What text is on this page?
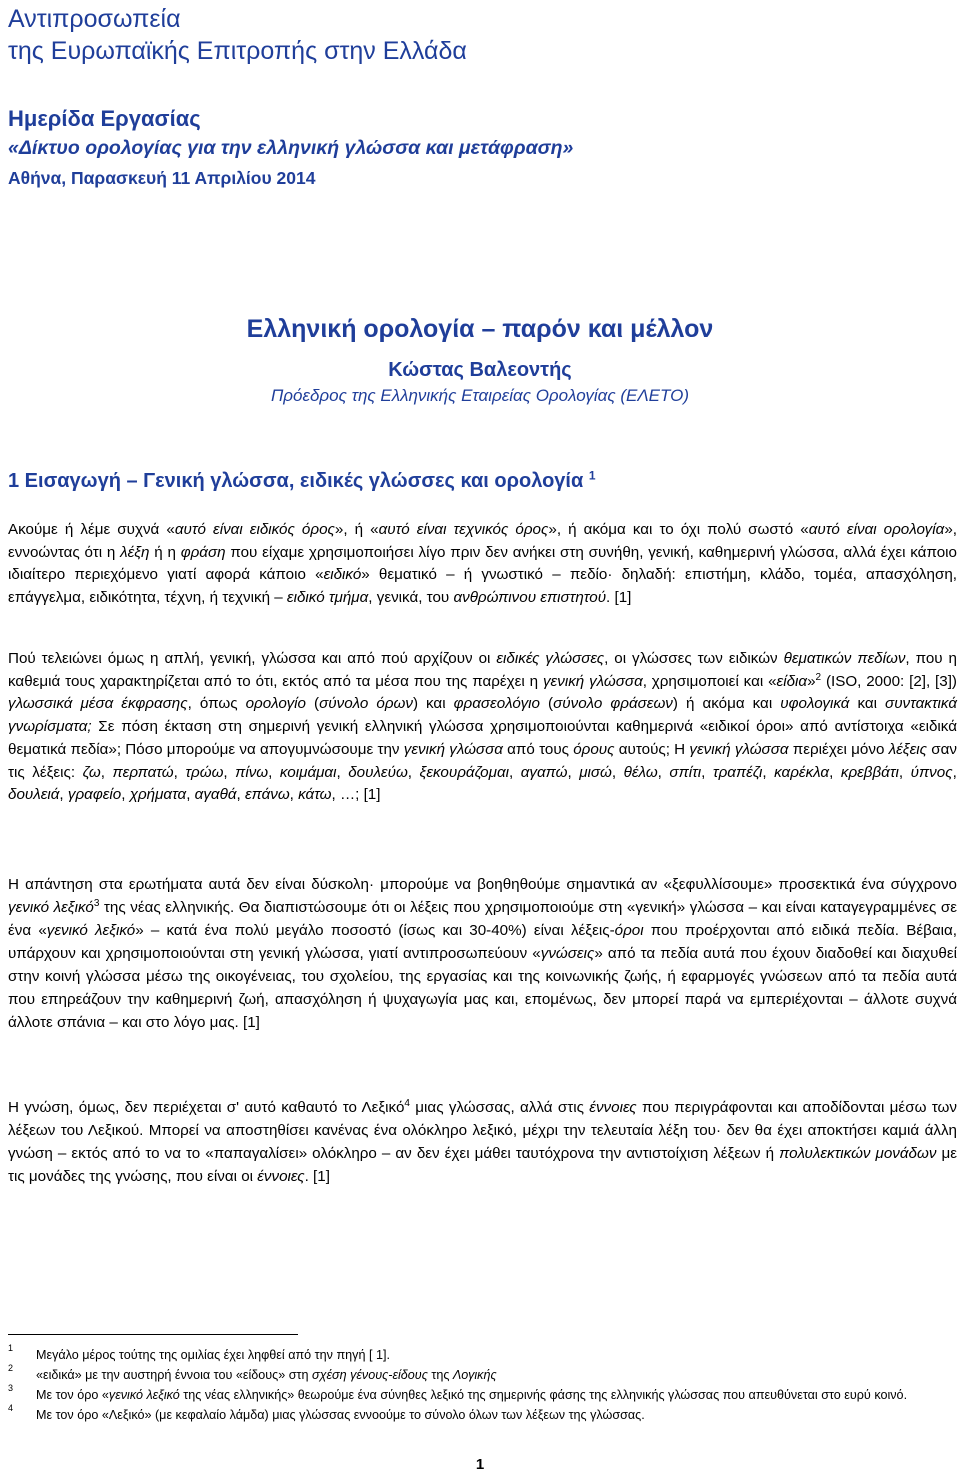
Αντιπροσωπεία
της Ευρωπαϊκής Επιτροπής στην Ελλάδα
Ημερίδα Εργασίας
«Δίκτυο ορολογίας για την ελληνική γλώσσα και μετάφραση»
Αθήνα, Παρασκευή 11 Απριλίου 2014
Ελληνική ορολογία – παρόν και μέλλον
Κώστας Βαλεοντής
Πρόεδρος της Ελληνικής Εταιρείας Ορολογίας (ΕΛΕΤΟ)
1 Εισαγωγή – Γενική γλώσσα, ειδικές γλώσσες και ορολογία $^1$

Ακούμε ή λέμε συχνά «αυτό είναι ειδικός όρος», ή «αυτό είναι τεχνικός όρος», ή ακόμα και το όχι πολύ σωστό «αυτό είναι ορολογία», εννοώντας ότι η λέξη ή η φράση που είχαμε χρησιμοποιήσει λίγο πριν δεν ανήκει στη συνήθη, γενική, καθημερινή γλώσσα, αλλά έχει κάποιο ιδιαίτερο περιεχόμενο γιατί αφορά κάποιο «ειδικό» θεματικό – ή γνωστικό – πεδίο· δηλαδή: επιστήμη, κλάδο, τομέα, απασχόληση, επάγγελμα, ειδικότητα, τέχνη, ή τεχνική – ειδικό τμήμα, γενικά, του ανθρώπινου επιστητού. [1]

Πού τελειώνει όμως η απλή, γενική, γλώσσα και από πού αρχίζουν οι ειδικές γλώσσες, οι γλώσσες των ειδικών θεματικών πεδίων, που η καθεμιά τους χαρακτηρίζεται από το ότι, εκτός από τα μέσα που της παρέχει η γενική γλώσσα, χρησιμοποιεί και «είδια»$^2$ (ISO, 2000: [2], [3]) γλωσσικά μέσα έκφρασης, όπως ορολογίο (σύνολο όρων) και φρασεολόγιο (σύνολο φράσεων) ή ακόμα και υφολογικά και συντακτικά γνωρίσματα; Σε πόση έκταση στη σημερινή γενική ελληνική γλώσσα χρησιμοποιούνται καθημερινά «ειδικοί όροι» από αντίστοιχα «ειδικά θεματικά πεδία»; Πόσο μπορούμε να απογυμνώσουμε την γενική γλώσσα από τους όρους αυτούς; Η γενική γλώσσα περιέχει μόνο λέξεις σαν τις λέξεις: ζω, περπατώ, τρώω, πίνω, κοιμάμαι, δουλεύω, ξεκουράζομαι, αγαπώ, μισώ, θέλω, σπίτι, τραπέζι, καρέκλα, κρεββάτι, ύπνος, δουλειά, γραφείο, χρήματα, αγαθά, επάνω, κάτω, …; [1]

Η απάντηση στα ερωτήματα αυτά δεν είναι δύσκολη· μπορούμε να βοηθηθούμε σημαντικά αν «ξεφυλλίσουμε» προσεκτικά ένα σύγχρονο γενικό λεξικό$^3$ της νέας ελληνικής. Θα διαπιστώσουμε ότι οι λέξεις που χρησιμοποιούμε στη «γενική» γλώσσα – και είναι καταγεγραμμένες σε ένα «γενικό λεξικό» – κατά ένα πολύ μεγάλο ποσοστό (ίσως και 30-40%) είναι λέξεις-όροι που προέρχονται από ειδικά πεδία. Βέβαια, υπάρχουν και χρησιμοποιούνται στη γενική γλώσσα, γιατί αντιπροσωπεύουν «γνώσεις» από τα πεδία αυτά που έχουν διαδοθεί και διαχυθεί στην κοινή γλώσσα μέσω της οικογένειας, του σχολείου, της εργασίας και της κοινωνικής ζωής, ή εφαρμογές γνώσεων από τα πεδία αυτά που επηρεάζουν την καθημερινή ζωή, απασχόληση ή ψυχαγωγία μας και, επομένως, δεν μπορεί παρά να εμπεριέχονται – άλλοτε συχνά άλλοτε σπάνια – και στο λόγο μας. [1]

Η γνώση, όμως, δεν περιέχεται σ' αυτό καθαυτό το Λεξικό$^4$ μιας γλώσσας, αλλά στις έννοιες που περιγράφονται και αποδίδονται μέσω των λέξεων του Λεξικού. Μπορεί να αποστηθίσει κανένας ένα ολόκληρο λεξικό, μέχρι την τελευταία λέξη του· δεν θα έχει αποκτήσει καμιά άλλη γνώση – εκτός από το να το «παπαγαλίσει» ολόκληρο – αν δεν έχει μάθει ταυτόχρονα την αντιστοίχιση λέξεων ή πολυλεκτικών μονάδων με τις μονάδες της γνώσης, που είναι οι έννοιες. [1]

1 Μεγάλο μέρος τούτης της ομιλίας έχει ληφθεί από την πηγή [ 1].
2 «ειδικά» με την αυστηρή έννοια του «είδους» στη σχέση γένους-είδους της Λογικής
3 Με τον όρο «γενικό λεξικό της νέας ελληνικής» θεωρούμε ένα σύνηθες λεξικό της σημερινής φάσης της ελληνικής γλώσσας που απευθύνεται στο ευρύ κοινό.
4 Με τον όρο «Λεξικό» (με κεφαλαίο λάμδα) μιας γλώσσας εννοούμε το σύνολο όλων των λέξεων της γλώσσας.
1
